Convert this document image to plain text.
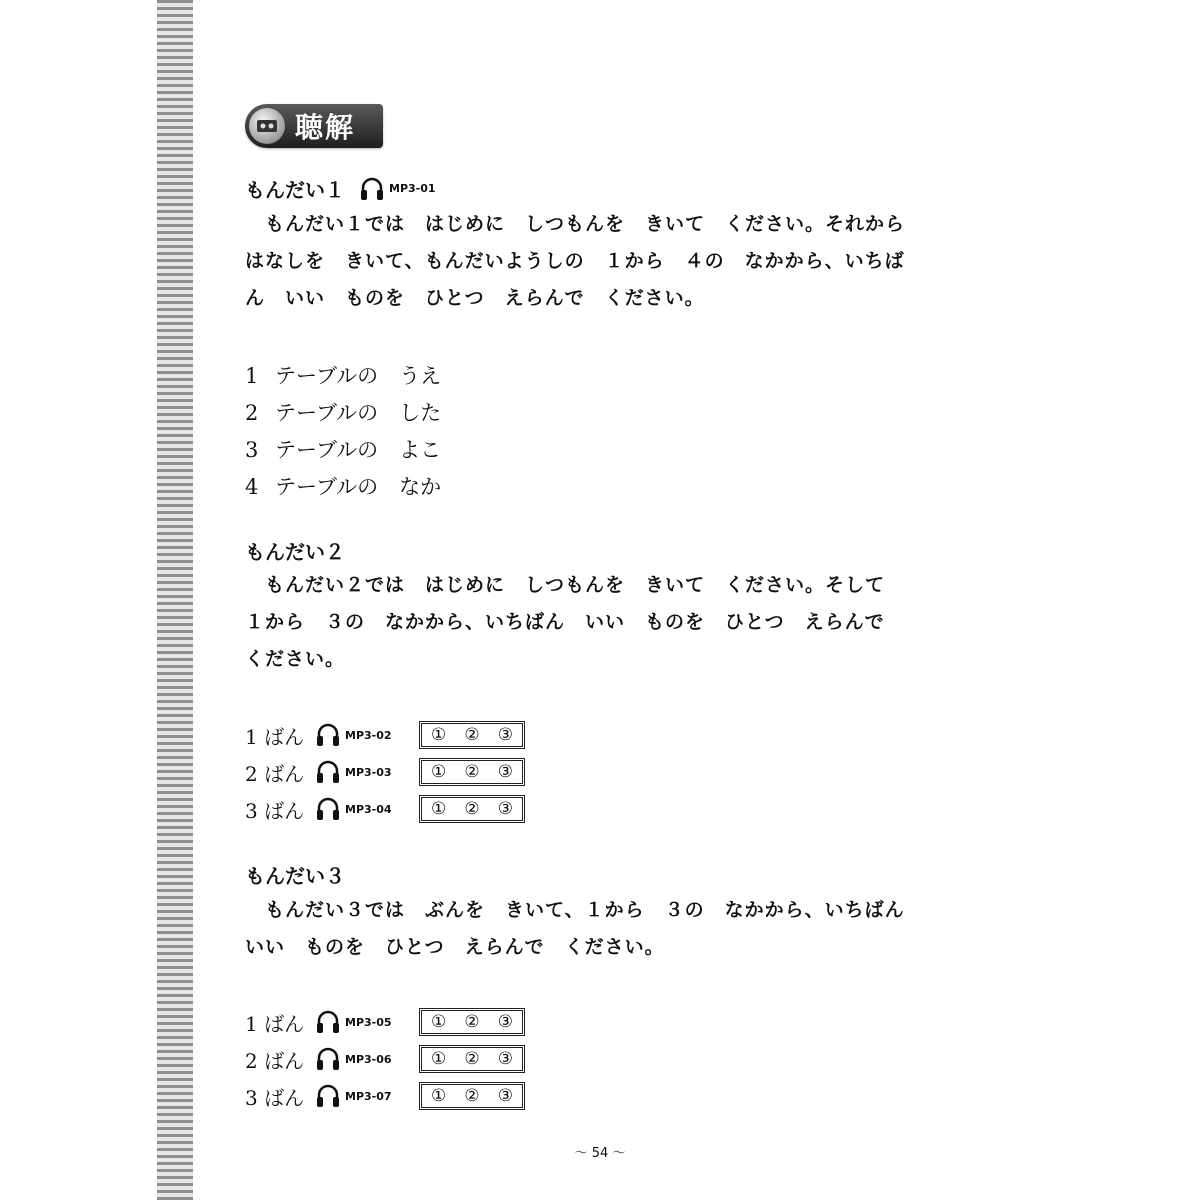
聴解
もんだい１	MP3-01
　もんだい１では　はじめに　しつもんを　きいて　ください。それから
はなしを　きいて、もんだいようしの　１から　４の　なかから、いちば
ん　いい　ものを　ひとつ　えらんで　ください。
1 テーブルの　うえ
2 テーブルの　した
3 テーブルの　よこ
4 テーブルの　なか
もんだい２
　もんだい２では　はじめに　しつもんを　きいて　ください。そして
１から　３の　なかから、いちばん　いい　ものを　ひとつ　えらんで
ください。
1 ばん	MP3-02	① ② ③
2 ばん	MP3-03	① ② ③
3 ばん	MP3-04	① ② ③
もんだい３
　もんだい３では　ぶんを　きいて、１から　３の　なかから、いちばん
いい　ものを　ひとつ　えらんで　ください。
1 ばん	MP3-05	① ② ③
2 ばん	MP3-06	① ② ③
3 ばん	MP3-07	① ② ③
～ 54 ～
